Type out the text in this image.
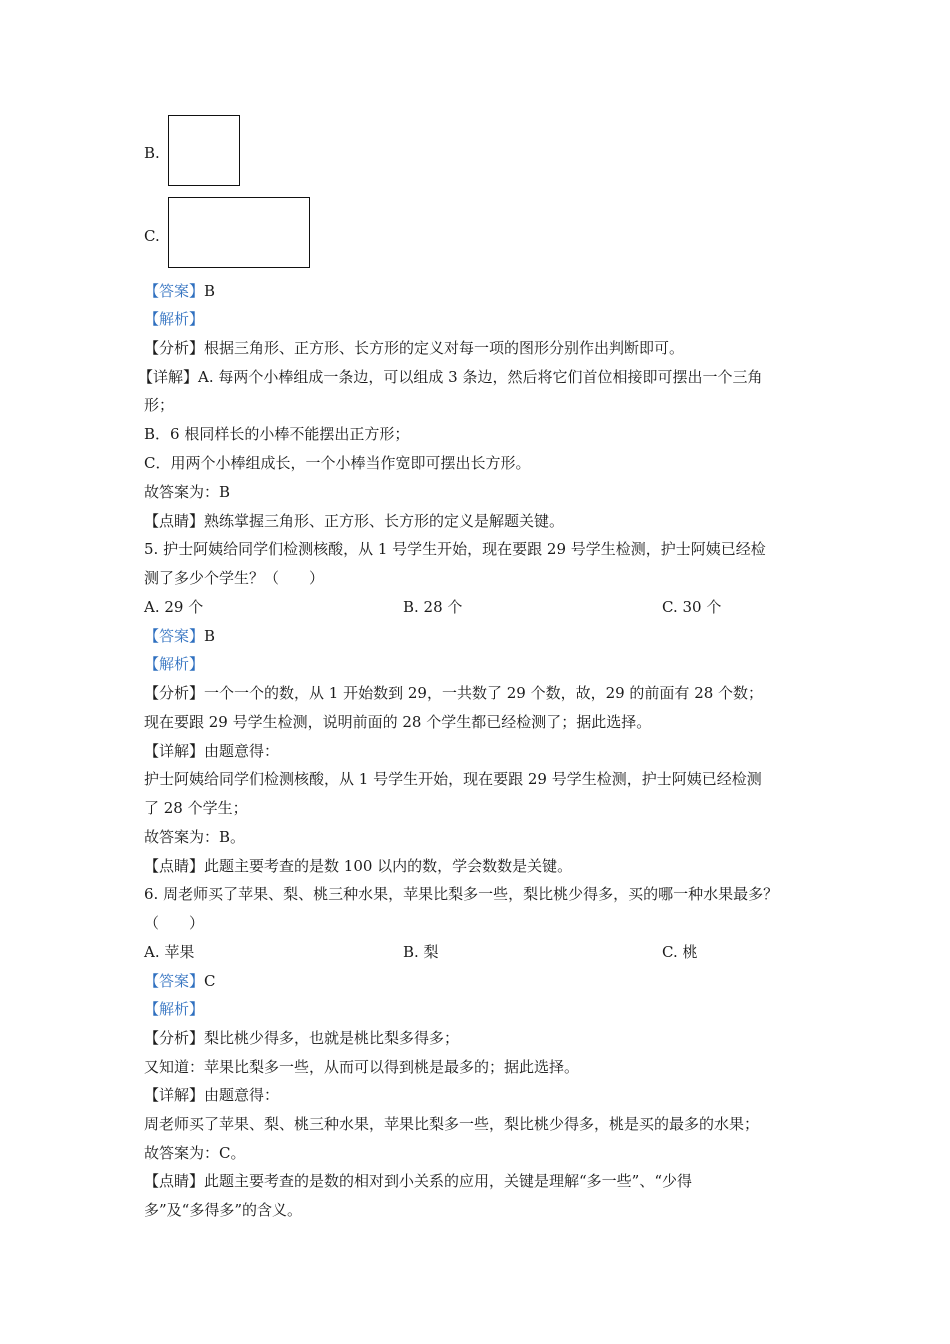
B.
C.
【答案】B
【解析】
【分析】根据三角形、正方形、长方形的定义对每一项的图形分别作出判断即可。
【详解】A. 每两个小棒组成一条边，可以组成 3 条边，然后将它们首位相接即可摆出一个三角
形；
B．6 根同样长的小棒不能摆出正方形；
C．用两个小棒组成长，一个小棒当作宽即可摆出长方形。
故答案为：B
【点睛】熟练掌握三角形、正方形、长方形的定义是解题关键。
5. 护士阿姨给同学们检测核酸，从 1 号学生开始，现在要跟 29 号学生检测，护士阿姨已经检
测了多少个学生？（　　）
A. 29 个	B. 28 个	C. 30 个
【答案】B
【解析】
【分析】一个一个的数，从 1 开始数到 29，一共数了 29 个数，故，29 的前面有 28 个数；
现在要跟 29 号学生检测，说明前面的 28 个学生都已经检测了；据此选择。
【详解】由题意得：
护士阿姨给同学们检测核酸，从 1 号学生开始，现在要跟 29 号学生检测，护士阿姨已经检测
了 28 个学生；
故答案为：B。
【点睛】此题主要考查的是数 100 以内的数，学会数数是关键。
6. 周老师买了苹果、梨、桃三种水果，苹果比梨多一些，梨比桃少得多，买的哪一种水果最多？
（　　）
A. 苹果	B. 梨	C. 桃
【答案】C
【解析】
【分析】梨比桃少得多，也就是桃比梨多得多；
又知道：苹果比梨多一些，从而可以得到桃是最多的；据此选择。
【详解】由题意得：
周老师买了苹果、梨、桃三种水果，苹果比梨多一些，梨比桃少得多，桃是买的最多的水果；
故答案为：C。
【点睛】此题主要考查的是数的相对到小关系的应用，关键是理解“多一些”、“少得
多”及“多得多”的含义。
